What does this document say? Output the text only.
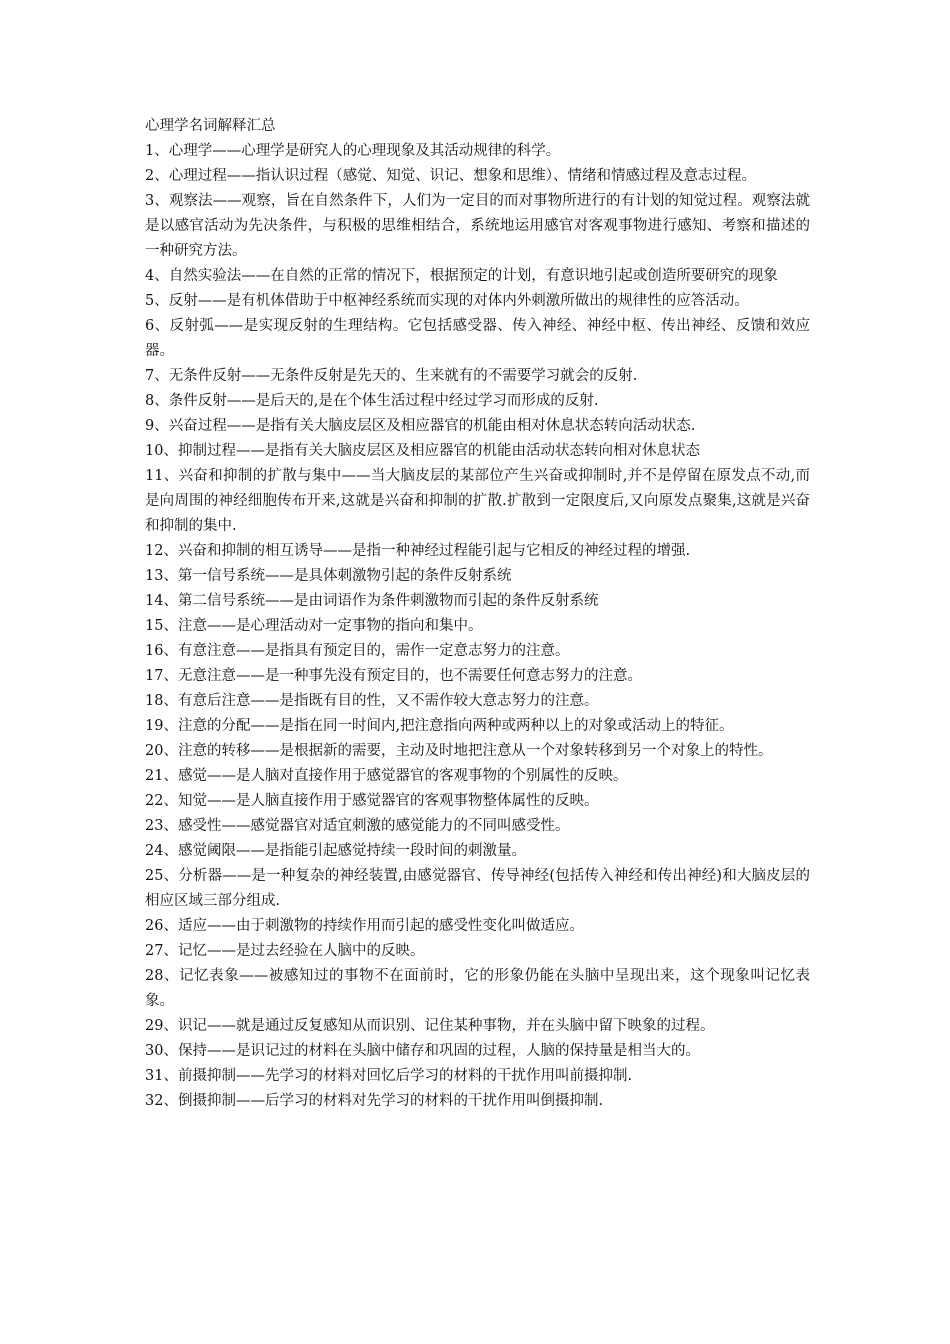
心理学名词解释汇总

1、心理学——心理学是研究人的心理现象及其活动规律的科学。

2、心理过程——指认识过程（感觉、知觉、识记、想象和思维）、情绪和情感过程及意志过程。

3、观察法——观察，旨在自然条件下，人们为一定目的而对事物所进行的有计划的知觉过程。观察法就是以感官活动为先决条件，与积极的思维相结合，系统地运用感官对客观事物进行感知、考察和描述的一种研究方法。

4、自然实验法——在自然的正常的情况下，根据预定的计划，有意识地引起或创造所要研究的现象

5、反射——是有机体借助于中枢神经系统而实现的对体内外刺激所做出的规律性的应答活动。

6、反射弧——是实现反射的生理结构。它包括感受器、传入神经、神经中枢、传出神经、反馈和效应器。

7、无条件反射——无条件反射是先天的、生来就有的不需要学习就会的反射.

8、条件反射——是后天的,是在个体生活过程中经过学习而形成的反射.

9、兴奋过程——是指有关大脑皮层区及相应器官的机能由相对休息状态转向活动状态.

10、抑制过程——是指有关大脑皮层区及相应器官的机能由活动状态转向相对休息状态

11、兴奋和抑制的扩散与集中——当大脑皮层的某部位产生兴奋或抑制时,并不是停留在原发点不动,而是向周围的神经细胞传布开来,这就是兴奋和抑制的扩散.扩散到一定限度后,又向原发点聚集,这就是兴奋和抑制的集中.

12、兴奋和抑制的相互诱导——是指一种神经过程能引起与它相反的神经过程的增强.

13、第一信号系统——是具体刺激物引起的条件反射系统

14、第二信号系统——是由词语作为条件刺激物而引起的条件反射系统

15、注意——是心理活动对一定事物的指向和集中。

16、有意注意——是指具有预定目的，需作一定意志努力的注意。

17、无意注意——是一种事先没有预定目的，也不需要任何意志努力的注意。

18、有意后注意——是指既有目的性，又不需作较大意志努力的注意。

19、注意的分配——是指在同一时间内,把注意指向两种或两种以上的对象或活动上的特征。

20、注意的转移——是根据新的需要，主动及时地把注意从一个对象转移到另一个对象上的特性。

21、感觉——是人脑对直接作用于感觉器官的客观事物的个别属性的反映。

22、知觉——是人脑直接作用于感觉器官的客观事物整体属性的反映。

23、感受性——感觉器官对适宜刺激的感觉能力的不同叫感受性。

24、感觉阈限——是指能引起感觉持续一段时间的刺激量。

25、分析器——是一种复杂的神经装置,由感觉器官、传导神经(包括传入神经和传出神经)和大脑皮层的相应区域三部分组成.

26、适应——由于刺激物的持续作用而引起的感受性变化叫做适应。

27、记忆——是过去经验在人脑中的反映。

28、记忆表象——被感知过的事物不在面前时，它的形象仍能在头脑中呈现出来，这个现象叫记忆表象。

29、识记——就是通过反复感知从而识别、记住某种事物，并在头脑中留下映象的过程。

30、保持——是识记过的材料在头脑中储存和巩固的过程，人脑的保持量是相当大的。

31、前摄抑制——先学习的材料对回忆后学习的材料的干扰作用叫前摄抑制.

32、倒摄抑制——后学习的材料对先学习的材料的干扰作用叫倒摄抑制.
